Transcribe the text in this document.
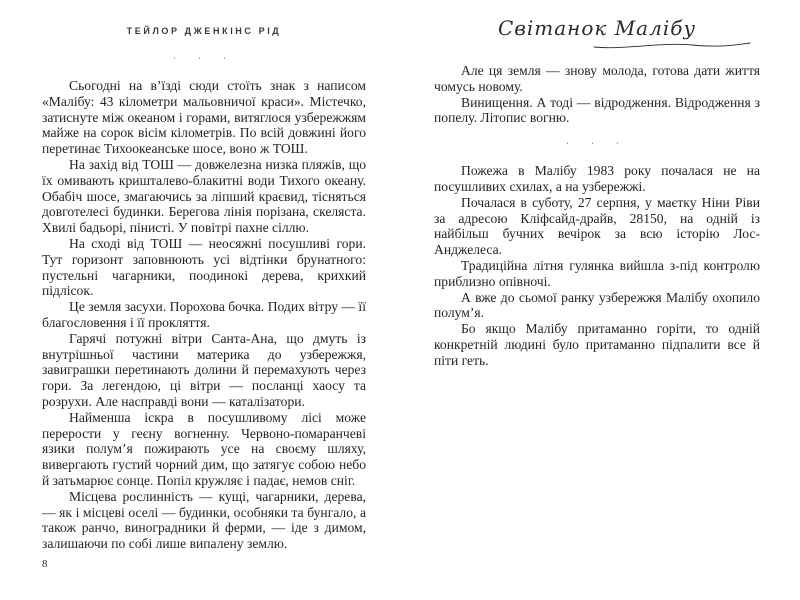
ТЕЙЛОР ДЖЕНКІНС РІД
· · ·

Сьогодні на вʼїзді сюди стоїть знак з написом «Малібу: 43 кілометри мальовничої краси». Містечко, затиснуте між океаном і горами, витяглося узбережжям майже на сорок вісім кілометрів. По всій довжині його перетинає Тихоокеанське шосе, воно ж ТОШ.

На захід від ТОШ — довжелезна низка пляжів, що їх омивають кришталево-блакитні води Тихого океану. Обабіч шосе, змагаючись за ліпший краєвид, тісняться довготелесі будинки. Берегова лінія порізана, скеляста. Хвилі бадьорі, пінисті. У повітрі пахне сіллю.

На сході від ТОШ — неосяжні посушливі гори. Тут горизонт заповнюють усі відтінки брунатного: пустельні чагарники, поодинокі дерева, крихкий підлісок.

Це земля засухи. Порохова бочка. Подих вітру — її благословення і її прокляття.

Гарячі потужні вітри Санта-Ана, що дмуть із внутрішньої частини материка до узбережжя, завиграшки перетинають долини й перемахують через гори. За легендою, ці вітри — посланці хаосу та розрухи. Але насправді вони — каталізатори.

Найменша іскра в посушливому лісі може перерости у геєну вогненну. Червоно-помаранчеві язики полумʼя пожирають усе на своєму шляху, вивергають густий чорний дим, що затягує собою небо й затьмарює сонце. Попіл кружляє і падає, немов сніг.

Місцева рослинність — кущі, чагарники, дерева, — як і місцеві оселі — будинки, особняки та бунгало, а також ранчо, виноградники й ферми, — іде з димом, залишаючи по собі лише випалену землю.

8
Світанок Малібу

Але ця земля — знову молода, готова дати життя чомусь новому.

Винищення. А тоді — відродження. Відродження з попелу. Літопис вогню.

· · ·

Пожежа в Малібу 1983 року почалася не на посушливих схилах, а на узбережжі.

Почалася в суботу, 27 серпня, у маєтку Ніни Ріви за адресою Кліфсайд-драйв, 28150, на одній із найбільш бучних вечірок за всю історію Лос-Анджелеса.

Традиційна літня гулянка вийшла з-під контролю приблизно опівночі.

А вже до сьомої ранку узбережжя Малібу охопило полумʼя.

Бо якщо Малібу притаманно горіти, то одній конкретній людині було притаманно підпалити все й піти геть.
